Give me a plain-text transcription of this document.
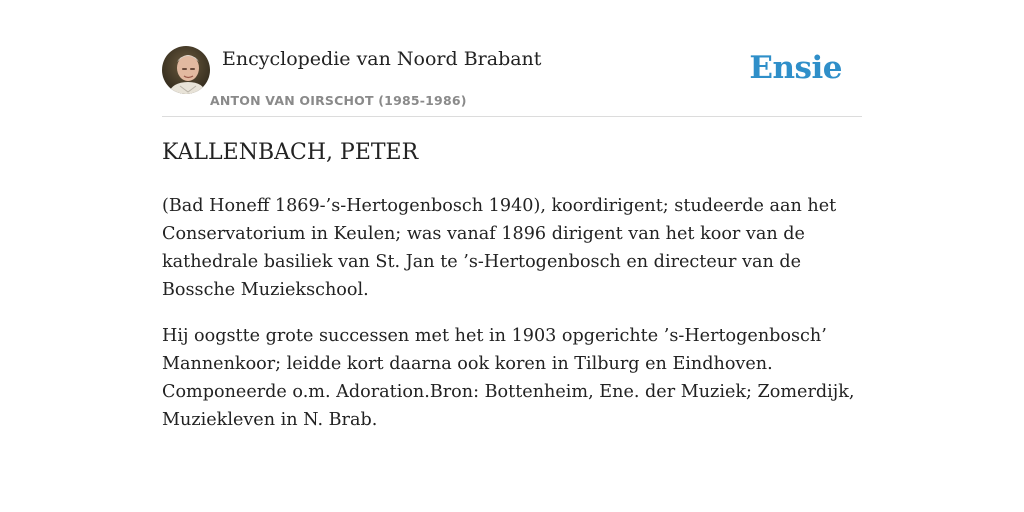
Encyclopedie van Noord Brabant
ANTON VAN OIRSCHOT (1985-1986)
Ensie
KALLENBACH, PETER

(Bad Honeff 1869-’s-Hertogenbosch 1940), koordirigent; studeerde aan het Conservatorium in Keulen; was vanaf 1896 dirigent van het koor van de kathedrale basiliek van St. Jan te ’s-Hertogenbosch en directeur van de Bossche Muziekschool.

Hij oogstte grote successen met het in 1903 opgerichte ’s-Hertogenbosch’ Mannenkoor; leidde kort daarna ook koren in Tilburg en Eindhoven. Componeerde o.m. Adoration.Bron: Bottenheim, Ene. der Muziek; Zomerdijk, Muziekleven in N. Brab.
